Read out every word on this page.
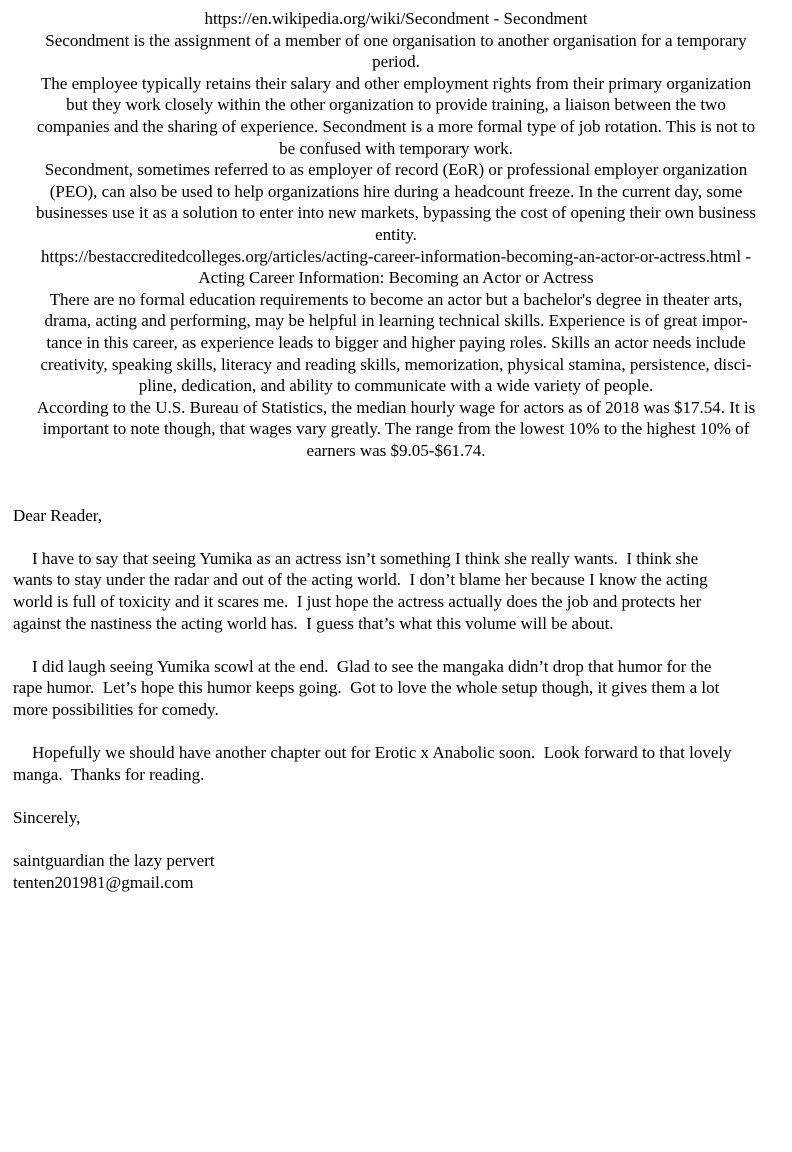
https://en.wikipedia.org/wiki/Secondment - Secondment
Secondment is the assignment of a member of one organisation to another organisation for a temporary
period.
The employee typically retains their salary and other employment rights from their primary organization
but they work closely within the other organization to provide training, a liaison between the two
companies and the sharing of experience. Secondment is a more formal type of job rotation. This is not to
be confused with temporary work.
Secondment, sometimes referred to as employer of record (EoR) or professional employer organization
(PEO), can also be used to help organizations hire during a headcount freeze. In the current day, some
businesses use it as a solution to enter into new markets, bypassing the cost of opening their own business
entity.
https://bestaccreditedcolleges.org/articles/acting-career-information-becoming-an-actor-or-actress.html -
Acting Career Information: Becoming an Actor or Actress
There are no formal education requirements to become an actor but a bachelor's degree in theater arts,
drama, acting and performing, may be helpful in learning technical skills. Experience is of great impor-
tance in this career, as experience leads to bigger and higher paying roles. Skills an actor needs include
creativity, speaking skills, literacy and reading skills, memorization, physical stamina, persistence, disci-
pline, dedication, and ability to communicate with a wide variety of people.
According to the U.S. Bureau of Statistics, the median hourly wage for actors as of 2018 was $17.54. It is
important to note though, that wages vary greatly. The range from the lowest 10% to the highest 10% of
earners was $9.05-$61.74.
Dear Reader,
I have to say that seeing Yumika as an actress isn’t something I think she really wants.  I think she
wants to stay under the radar and out of the acting world.  I don’t blame her because I know the acting
world is full of toxicity and it scares me.  I just hope the actress actually does the job and protects her
against the nastiness the acting world has.  I guess that’s what this volume will be about.
I did laugh seeing Yumika scowl at the end.  Glad to see the mangaka didn’t drop that humor for the
rape humor.  Let’s hope this humor keeps going.  Got to love the whole setup though, it gives them a lot
more possibilities for comedy.
Hopefully we should have another chapter out for Erotic x Anabolic soon.  Look forward to that lovely
manga.  Thanks for reading.
Sincerely,
saintguardian the lazy pervert
tenten201981@gmail.com
